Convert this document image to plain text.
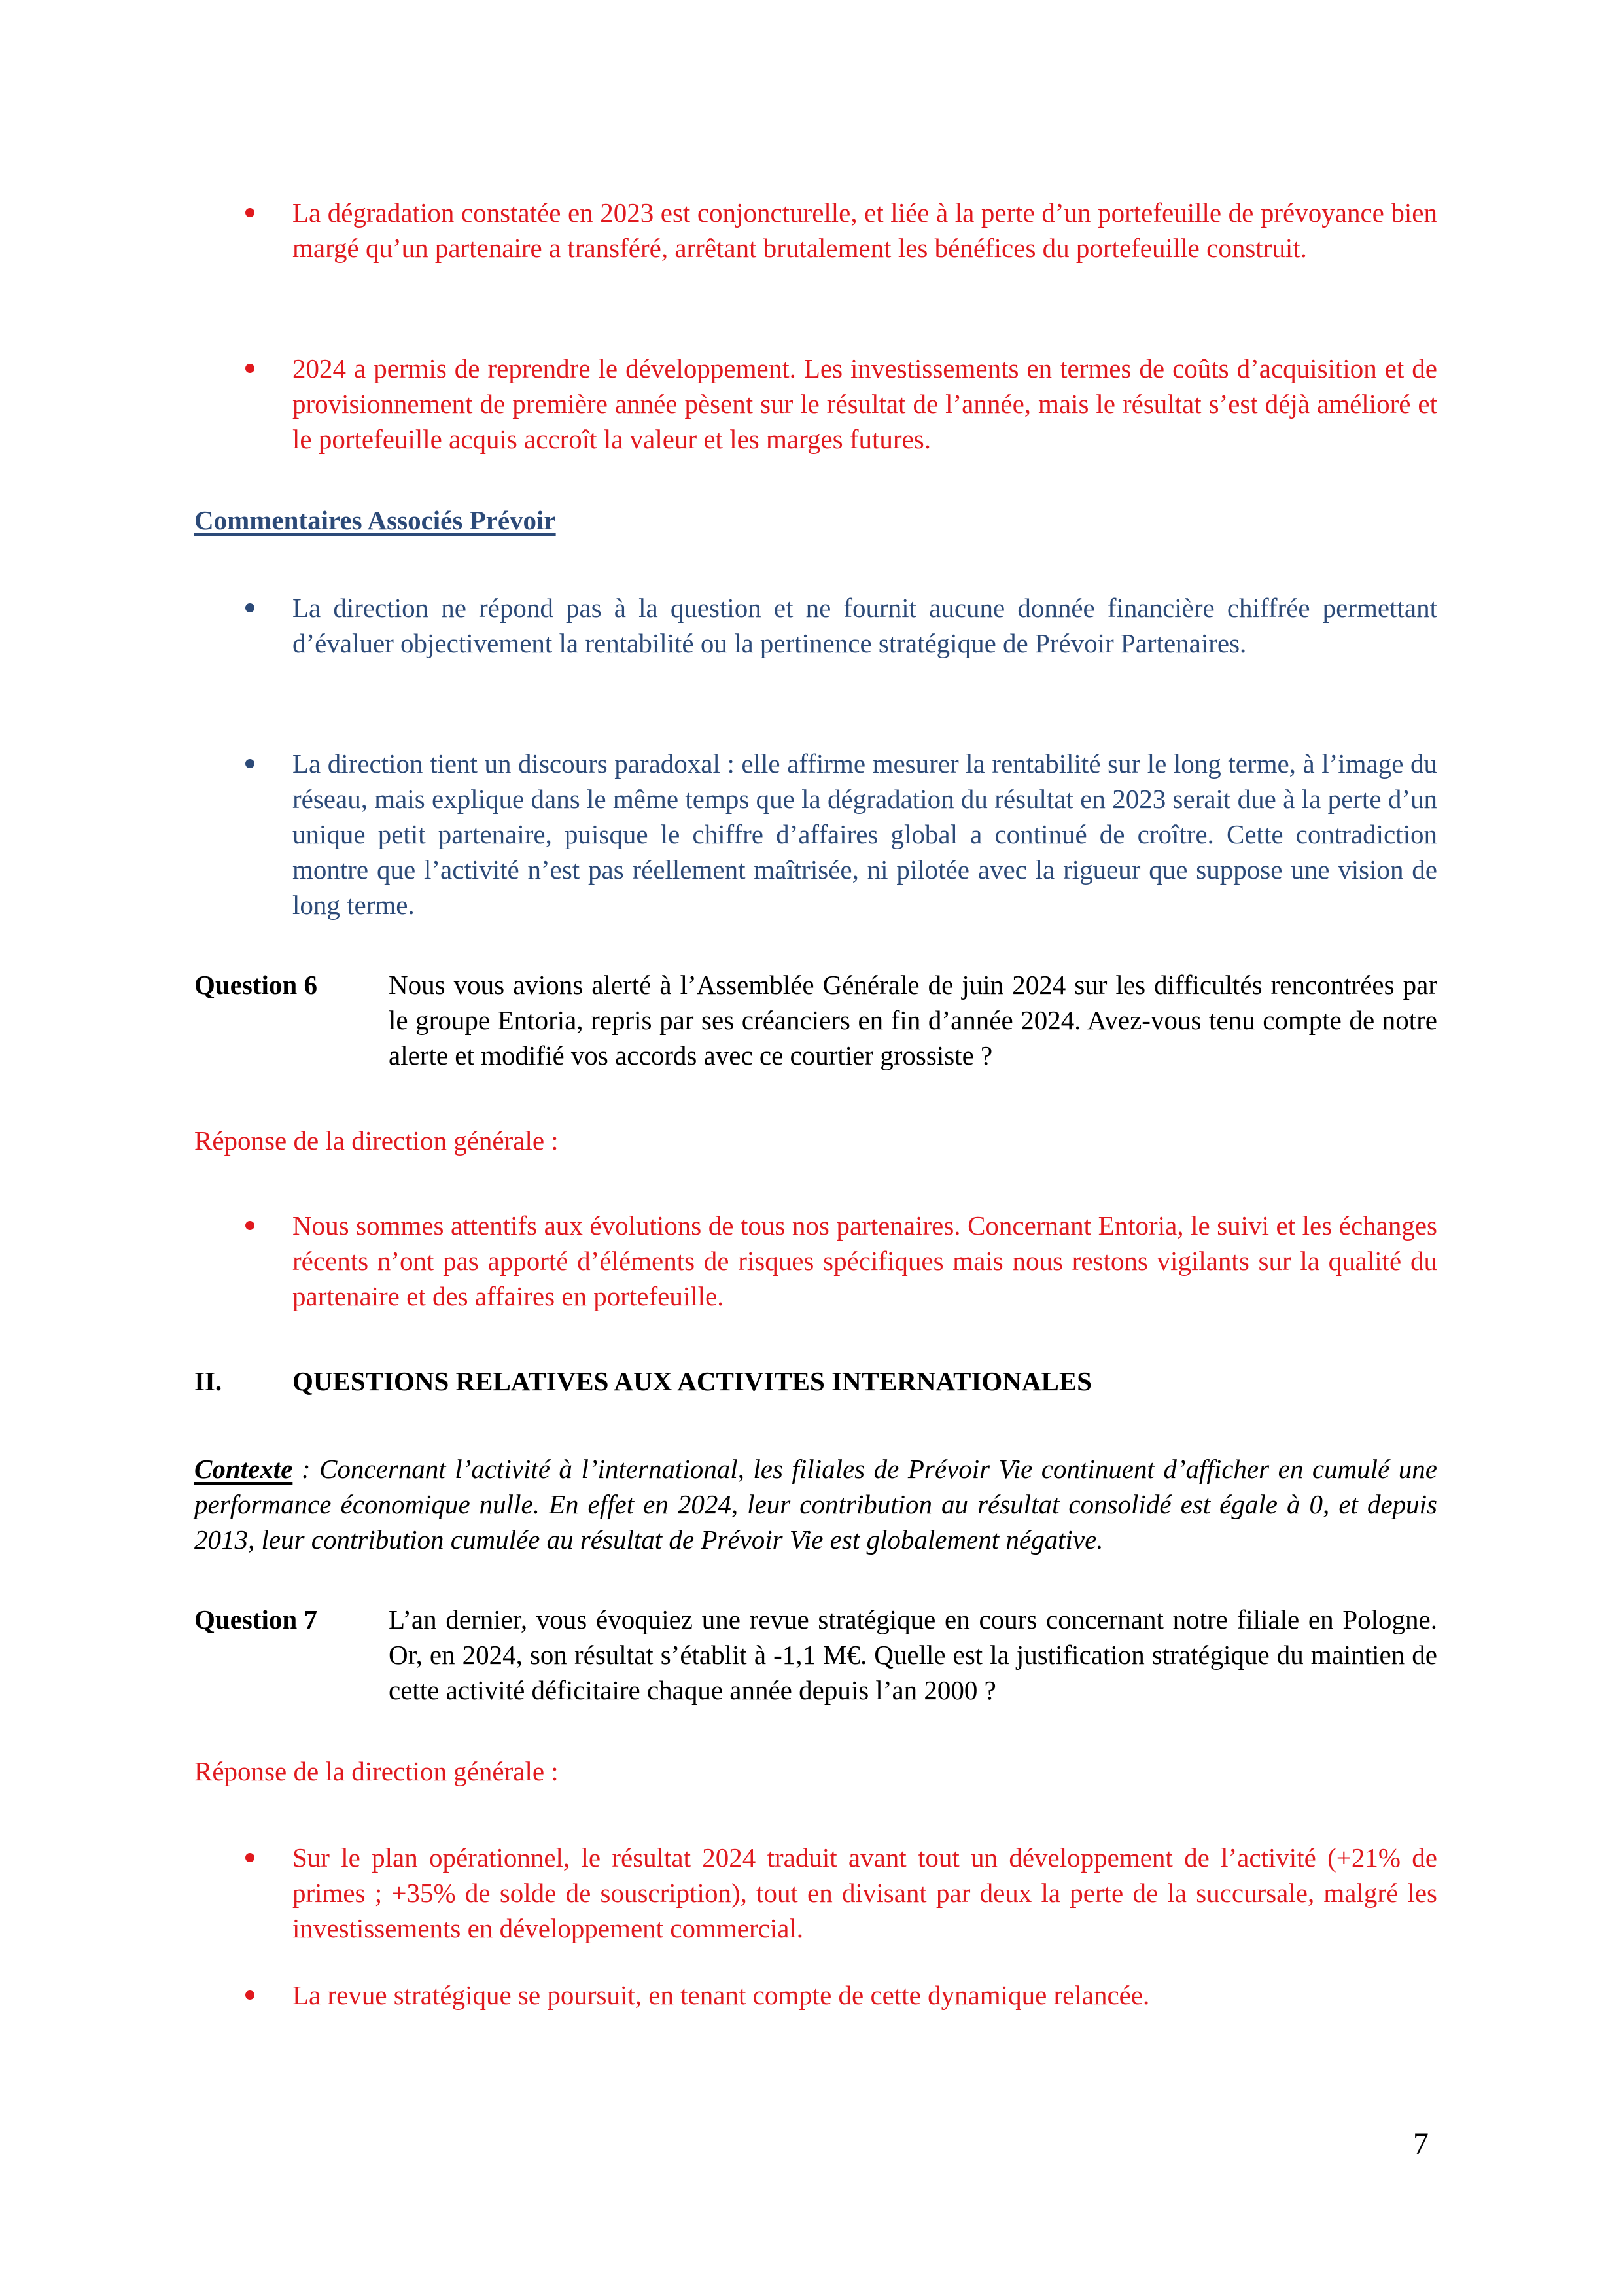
La dégradation constatée en 2023 est conjoncturelle, et liée à la perte d’un portefeuille de prévoyance bien margé qu’un partenaire a transféré, arrêtant brutalement les bénéfices du portefeuille construit.
2024 a permis de reprendre le développement. Les investissements en termes de coûts d’acquisition et de provisionnement de première année pèsent sur le résultat de l’année, mais le résultat s’est déjà amélioré et le portefeuille acquis accroît la valeur et les marges futures.
Commentaires Associés Prévoir
La direction ne répond pas à la question et ne fournit aucune donnée financière chiffrée permettant d’évaluer objectivement la rentabilité ou la pertinence stratégique de Prévoir Partenaires.
La direction tient un discours paradoxal : elle affirme mesurer la rentabilité sur le long terme, à l’image du réseau, mais explique dans le même temps que la dégradation du résultat en 2023 serait due à la perte d’un unique petit partenaire, puisque le chiffre d’affaires global a continué de croître. Cette contradiction montre que l’activité n’est pas réellement maîtrisée, ni pilotée avec la rigueur que suppose une vision de long terme.
Question 6	Nous vous avions alerté à l’Assemblée Générale de juin 2024 sur les difficultés rencontrées par le groupe Entoria, repris par ses créanciers en fin d’année 2024. Avez-vous tenu compte de notre alerte et modifié vos accords avec ce courtier grossiste ?
Réponse de la direction générale :
Nous sommes attentifs aux évolutions de tous nos partenaires. Concernant Entoria, le suivi et les échanges récents n’ont pas apporté d’éléments de risques spécifiques mais nous restons vigilants sur la qualité du partenaire et des affaires en portefeuille.
II.	QUESTIONS RELATIVES AUX ACTIVITES INTERNATIONALES
Contexte : Concernant l’activité à l’international, les filiales de Prévoir Vie continuent d’afficher en cumulé une performance économique nulle. En effet en 2024, leur contribution au résultat consolidé est égale à 0, et depuis 2013, leur contribution cumulée au résultat de Prévoir Vie est globalement négative.
Question 7	L’an dernier, vous évoquiez une revue stratégique en cours concernant notre filiale en Pologne. Or, en 2024, son résultat s’établit à -1,1 M€. Quelle est la justification stratégique du maintien de cette activité déficitaire chaque année depuis l’an 2000 ?
Réponse de la direction générale :
Sur le plan opérationnel, le résultat 2024 traduit avant tout un développement de l’activité (+21% de primes ; +35% de solde de souscription), tout en divisant par deux la perte de la succursale, malgré les investissements en développement commercial.
La revue stratégique se poursuit, en tenant compte de cette dynamique relancée.
7
